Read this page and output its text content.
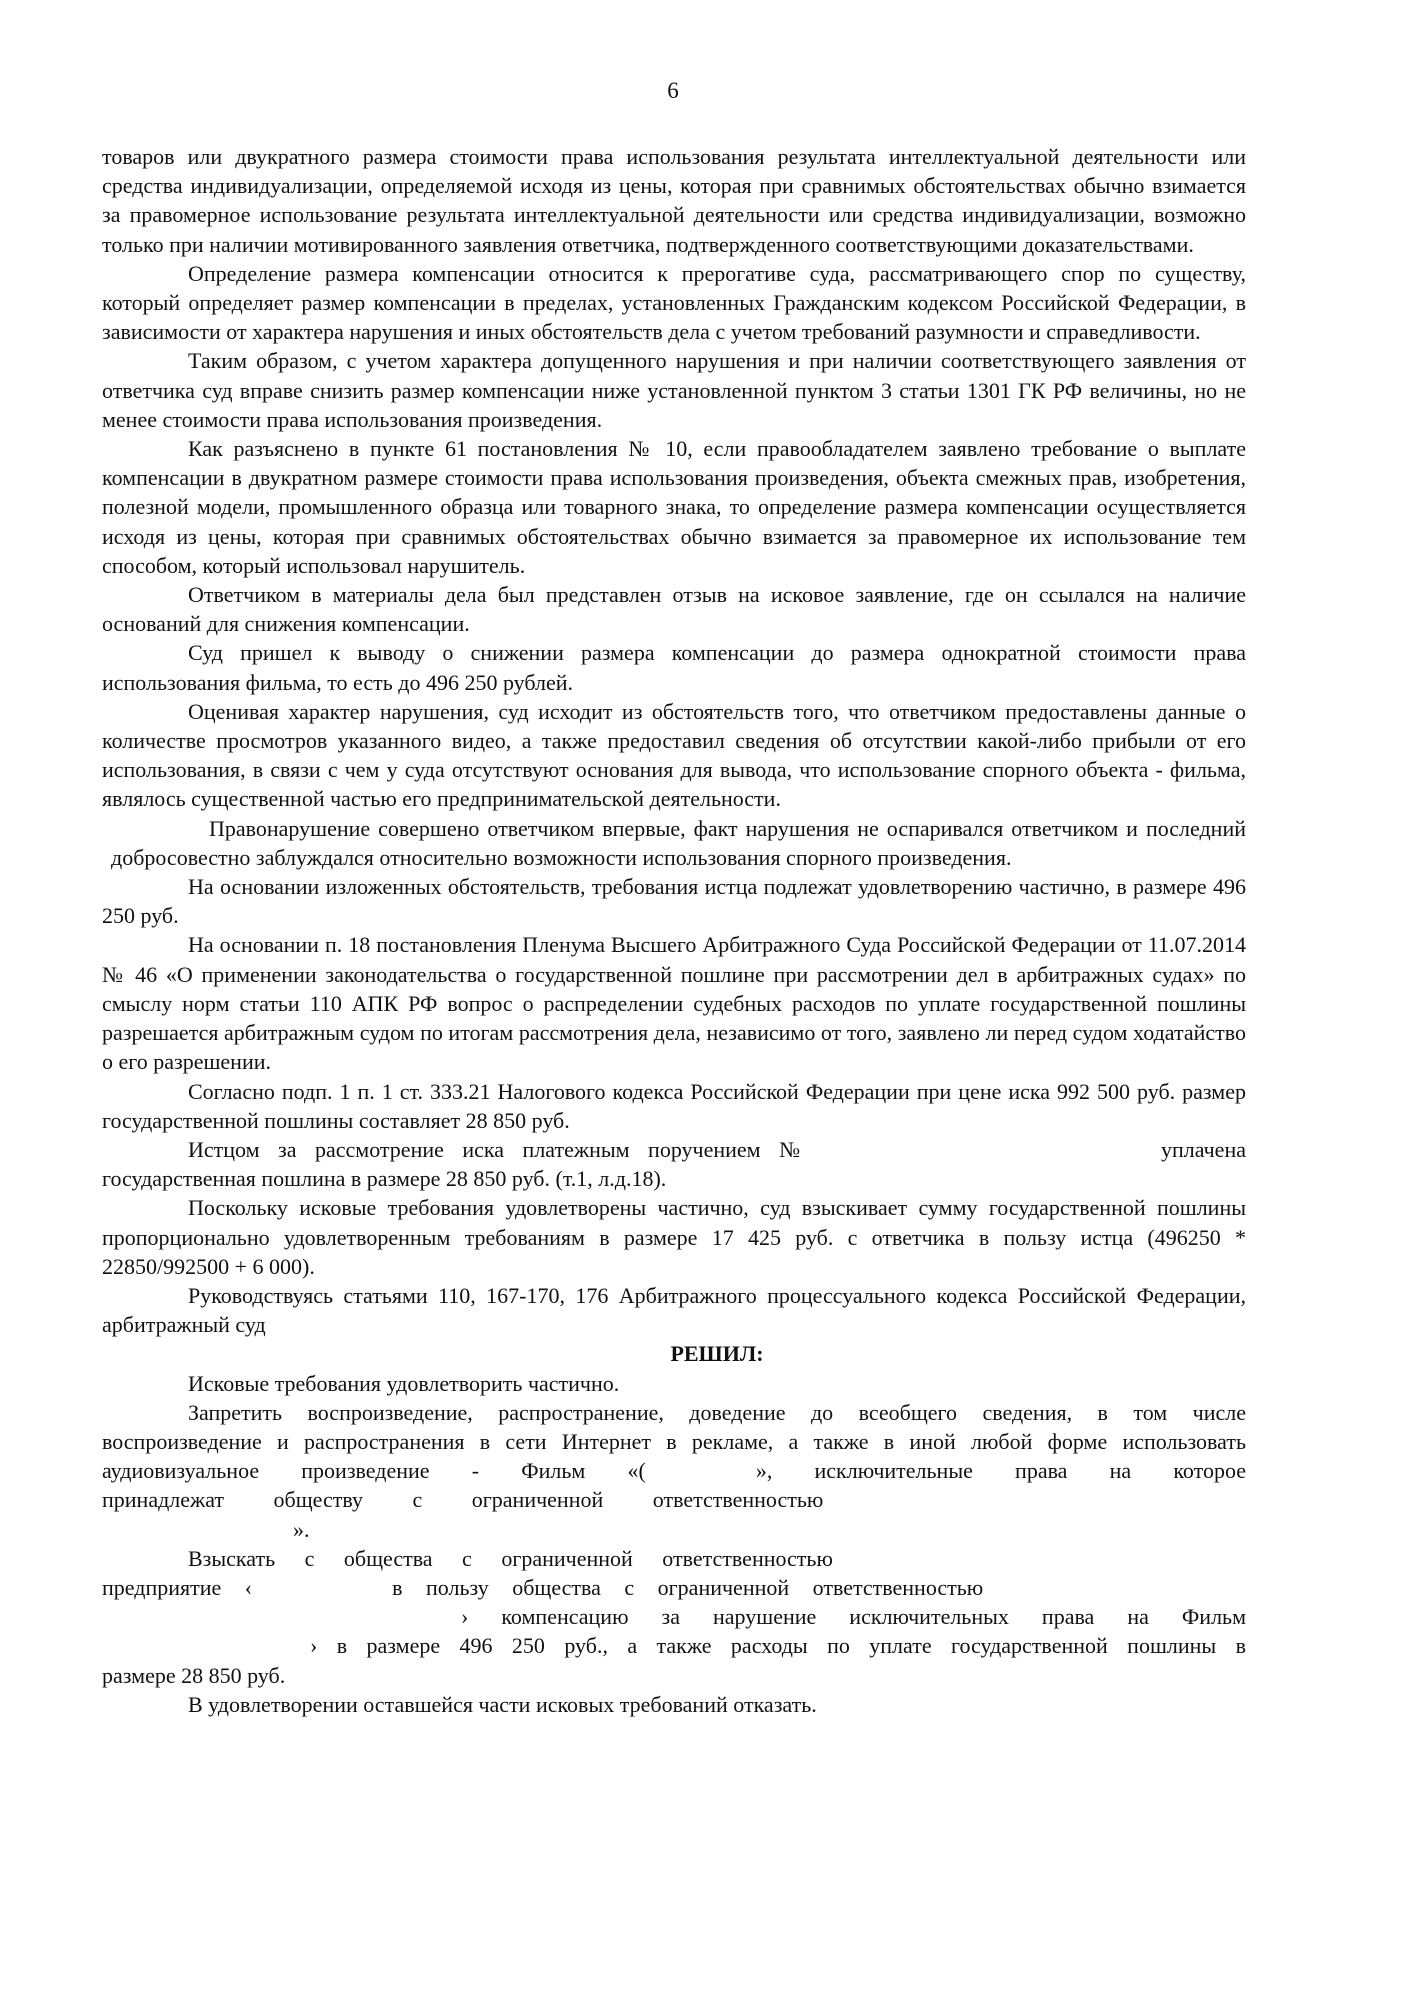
6

товаров или двукратного размера стоимости права использования результата интеллектуальной деятельности или средства индивидуализации, определяемой исходя из цены, которая при сравнимых обстоятельствах обычно взимается за правомерное использование результата интеллектуальной деятельности или средства индивидуализации, возможно только при наличии мотивированного заявления ответчика, подтвержденного соответствующими доказательствами.

Определение размера компенсации относится к прерогативе суда, рассматривающего спор по существу, который определяет размер компенсации в пределах, установленных Гражданским кодексом Российской Федерации, в зависимости от характера нарушения и иных обстоятельств дела с учетом требований разумности и справедливости.

Таким образом, с учетом характера допущенного нарушения и при наличии соответствующего заявления от ответчика суд вправе снизить размер компенсации ниже установленной пунктом 3 статьи 1301 ГК РФ величины, но не менее стоимости права использования произведения.

Как разъяснено в пункте 61 постановления № 10, если правообладателем заявлено требование о выплате компенсации в двукратном размере стоимости права использования произведения, объекта смежных прав, изобретения, полезной модели, промышленного образца или товарного знака, то определение размера компенсации осуществляется исходя из цены, которая при сравнимых обстоятельствах обычно взимается за правомерное их использование тем способом, который использовал нарушитель.

Ответчиком в материалы дела был представлен отзыв на исковое заявление, где он ссылался на наличие оснований для снижения компенсации.

Суд пришел к выводу о снижении размера компенсации до размера однократной стоимости права использования фильма, то есть до 496 250 рублей.

Оценивая характер нарушения, суд исходит из обстоятельств того, что ответчиком предоставлены данные о количестве просмотров указанного видео, а также предоставил сведения об отсутствии какой-либо прибыли от его использования, в связи с чем у суда отсутствуют основания для вывода, что использование спорного объекта - фильма, являлось существенной частью его предпринимательской деятельности.

Правонарушение совершено ответчиком впервые, факт нарушения не оспаривался ответчиком и последний добросовестно заблуждался относительно возможности использования спорного произведения.

На основании изложенных обстоятельств, требования истца подлежат удовлетворению частично, в размере 496 250 руб.

На основании п. 18 постановления Пленума Высшего Арбитражного Суда Российской Федерации от 11.07.2014 № 46 «О применении законодательства о государственной пошлине при рассмотрении дел в арбитражных судах» по смыслу норм статьи 110 АПК РФ вопрос о распределении судебных расходов по уплате государственной пошлины разрешается арбитражным судом по итогам рассмотрения дела, независимо от того, заявлено ли перед судом ходатайство о его разрешении.

Согласно подп. 1 п. 1 ст. 333.21 Налогового кодекса Российской Федерации при цене иска 992 500 руб. размер государственной пошлины составляет 28 850 руб.

Истцом за рассмотрение иска платежным поручением №	уплачена
государственная пошлина в размере 28 850 руб. (т.1, л.д.18).

Поскольку исковые требования удовлетворены частично, суд взыскивает сумму государственной пошлины пропорционально удовлетворенным требованиям в размере 17 425 руб. с ответчика в пользу истца (496250 * 22850/992500 + 6 000).

Руководствуясь статьями 110, 167-170, 176 Арбитражного процессуального кодекса Российской Федерации, арбитражный суд

РЕШИЛ:

Исковые требования удовлетворить частично.

Запретить воспроизведение, распространение, доведение до всеобщего сведения, в том числе
воспроизведение и распространения в сети Интернет в рекламе, а также в иной любой форме использовать
аудиовизуальное произведение - Фильм «(	», исключительные права на которое
принадлежат обществу с ограниченной ответственностью
».
Взыскать с общества с ограниченной ответственностью
предприятие ‹	в пользу общества с ограниченной ответственностью
› компенсацию за нарушение исключительных права на Фильм
› в размере 496 250 руб., а также расходы по уплате государственной пошлины в
размере 28 850 руб.

В удовлетворении оставшейся части исковых требований отказать.
